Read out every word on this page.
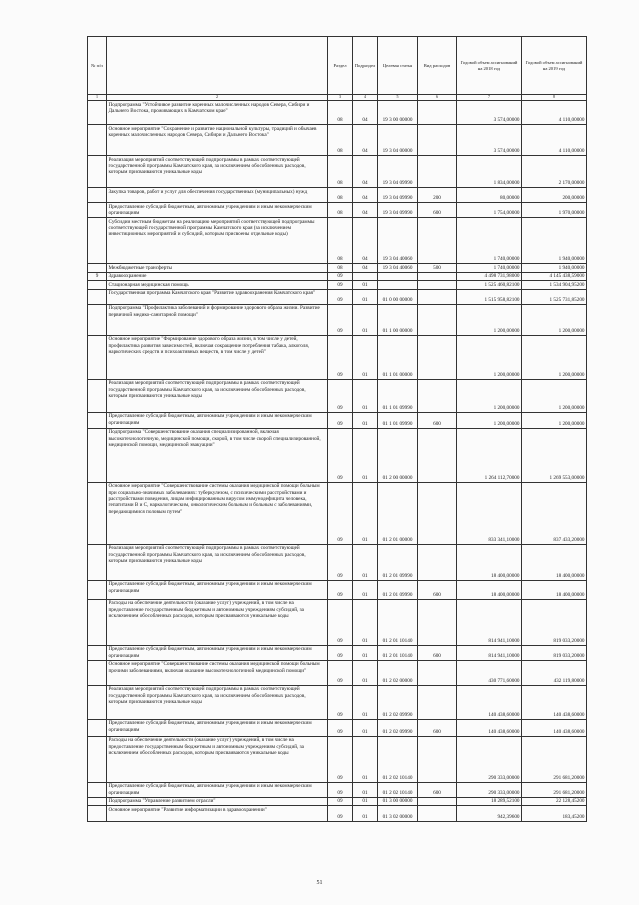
№ п/п		Раздел	Подраздел	Целевая статья	Вид расходов	Годовой объем ассигнований на 2018 год	Годовой объем ассигнований на 2019 год
1	2	3	4	5	6	7	8
	Подпрограмма "Устойчивое развитие коренных малочисленных народов Севера, Сибири и Дальнего Востока, проживающих в Камчатском крае"	08	04	19 3 00 00000		3 574,00000	4 110,00000
	Основное мероприятие "Сохранение и развитие национальной культуры, традиций и обычаев коренных малочисленных народов Севера, Сибири и Дальнего Востока"	08	04	19 3 04 00000		3 574,00000	4 110,00000
	Реализация мероприятий соответствующей подпрограммы в рамках соответствующей государственной программы Камчатского края, за исключением обособленных расходов, которым присваиваются уникальные коды	08	04	19 3 04 09990		1 834,00000	2 170,00000
	Закупка товаров, работ и услуг для обеспечения государственных (муниципальных) нужд	08	04	19 3 04 09990	200	80,00000	200,00000
	Предоставление субсидий бюджетным, автономным учреждениям и иным некоммерческим организациям	08	04	19 3 04 09990	600	1 754,00000	1 970,00000
	Субсидии местным бюджетам на реализацию мероприятий соответствующей подпрограммы соответствующей государственной программы Камчатского края (за исключением инвестиционных мероприятий и субсидий, которым присвоены отдельные коды)	08	04	19 3 04 40060		1 740,00000	1 940,00000
	Межбюджетные трансферты	08	04	19 3 04 40060	500	1 740,00000	1 940,00000
9	Здравоохранение	09				4 498 731,98000	4 145 438,59000
	Стационарная медицинская помощь	09	01			1 525 460,82100	1 534 904,95200
	Государственная программа Камчатского края "Развитие здравоохранения Камчатского края"	09	01	01 0 00 00000		1 515 958,82100	1 525 731,85200
	Подпрограмма "Профилактика заболеваний и формирование здорового образа жизни. Развитие первичной медико-санитарной помощи"	09	01	01 1 00 00000		1 200,00000	1 200,00000
	Основное мероприятие "Формирование здорового образа жизни, в том числе у детей, профилактика развития зависимостей, включая сокращение потребления табака, алкоголя, наркотических средств и психоактивных веществ, в том числе у детей"	09	01	01 1 01 00000		1 200,00000	1 200,00000
	Реализация мероприятий соответствующей подпрограммы в рамках соответствующей государственной программы Камчатского края, за исключением обособленных расходов, которым присваиваются уникальные коды	09	01	01 1 01 09990		1 200,00000	1 200,00000
	Предоставление субсидий бюджетным, автономным учреждениям и иным некоммерческим организациям	09	01	01 1 01 09990	600	1 200,00000	1 200,00000
	Подпрограмма "Совершенствование оказания специализированной, включая высокотехнологичную, медицинской помощи, скорой, в том числе скорой специализированной, медицинской помощи, медицинской эвакуации"	09	01	01 2 00 00000		1 264 112,70000	1 269 553,00000
	Основное мероприятие "Совершенствование системы оказания медицинской помощи больным при социально-значимых заболеваниях: туберкулезом, с психическими расстройствами и расстройствами поведения, лицам инфицированным вирусом иммунодефицита человека, гепатитами В и С, наркологическим, онкологическим больным и больным с заболеваниями, передающимися половым путем"	09	01	01 2 01 00000		833 341,10000	837 433,20000
	Реализация мероприятий соответствующей подпрограммы в рамках соответствующей государственной программы Камчатского края, за исключением обособленных расходов, которым присваиваются уникальные коды	09	01	01 2 01 09990		18 400,00000	18 400,00000
	Предоставление субсидий бюджетным, автономным учреждениям и иным некоммерческим организациям	09	01	01 2 01 09990	600	18 400,00000	18 400,00000
	Расходы на обеспечение деятельности (оказание услуг) учреждений, в том числе на предоставление государственным бюджетным и автономным учреждениям субсидий, за исключением обособленных расходов, которым присваиваются уникальные коды	09	01	01 2 01 10140		814 941,10000	819 033,20000
	Предоставление субсидий бюджетным, автономным учреждениям и иным некоммерческим организациям	09	01	01 2 01 10140	600	814 941,10000	819 033,20000
	Основное мероприятие "Совершенствование системы оказания медицинской помощи больным прочими заболеваниями, включая оказание высокотехнологичной медицинской помощи"	09	01	01 2 02 00000		430 771,60000	432 119,80000
	Реализация мероприятий соответствующей подпрограммы в рамках соответствующей государственной программы Камчатского края, за исключением обособленных расходов, которым присваиваются уникальные коды	09	01	01 2 02 09990		140 438,60000	140 438,60000
	Предоставление субсидий бюджетным, автономным учреждениям и иным некоммерческим организациям	09	01	01 2 02 09990	600	140 438,60000	140 438,60000
	Расходы на обеспечение деятельности (оказание услуг) учреждений, в том числе на предоставление государственным бюджетным и автономным учреждениям субсидий, за исключением обособленных расходов, которым присваиваются уникальные коды	09	01	01 2 02 10140		290 333,00000	291 681,20000
	Предоставление субсидий бюджетным, автономным учреждениям и иным некоммерческим организациям	09	01	01 2 02 10140	600	290 333,00000	291 681,20000
	Подпрограмма "Управление развитием отрасли"	09	01	01 3 00 00000		18 289,52100	22 128,45200
	Основное мероприятие "Развитие информатизации в здравоохранении"	09	01	01 3 02 00000		942,39600	183,45200
51
